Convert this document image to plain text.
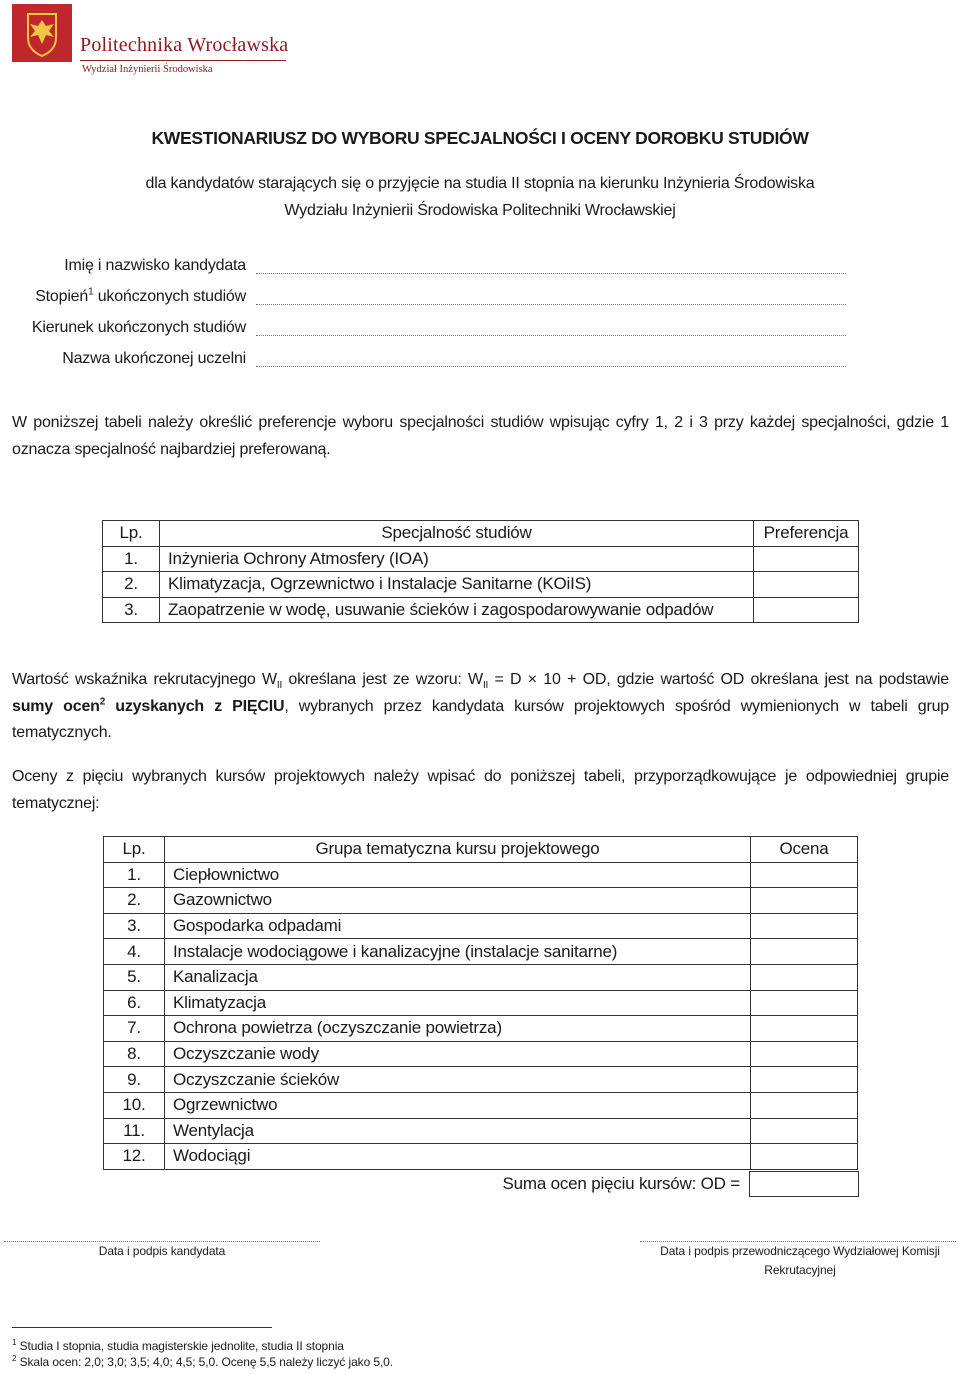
Politechnika Wrocławska
Wydział Inżynierii Środowiska
KWESTIONARIUSZ DO WYBORU SPECJALNOŚCI I OCENY DOROBKU STUDIÓW
dla kandydatów starających się o przyjęcie na studia II stopnia na kierunku Inżynieria Środowiska
Wydziału Inżynierii Środowiska Politechniki Wrocławskiej
Imię i nazwisko kandydata
Stopień$^1$ ukończonych studiów
Kierunek ukończonych studiów
Nazwa ukończonej uczelni
W poniższej tabeli należy określić preferencje wyboru specjalności studiów wpisując cyfry 1, 2 i 3 przy każdej specjalności, gdzie 1 oznacza specjalność najbardziej preferowaną.
Lp.	Specjalność studiów	Preferencja
1.	Inżynieria Ochrony Atmosfery (IOA)	
2.	Klimatyzacja, Ogrzewnictwo i Instalacje Sanitarne (KOiIS)	
3.	Zaopatrzenie w wodę, usuwanie ścieków i zagospodarowywanie odpadów	
Wartość wskaźnika rekrutacyjnego $W_{II}$ określana jest ze wzoru: $W_{II} = D \times 10$ + OD, gdzie wartość OD określana jest na podstawie sumy ocen$^2$ uzyskanych z PIĘCIU, wybranych przez kandydata kursów projektowych spośród wymienionych w tabeli grup tematycznych.
Oceny z pięciu wybranych kursów projektowych należy wpisać do poniższej tabeli, przyporządkowujące je odpowiedniej grupie tematycznej:
Lp.	Grupa tematyczna kursu projektowego	Ocena
1.	Ciepłownictwo	
2.	Gazownictwo	
3.	Gospodarka odpadami	
4.	Instalacje wodociągowe i kanalizacyjne (instalacje sanitarne)	
5.	Kanalizacja	
6.	Klimatyzacja	
7.	Ochrona powietrza (oczyszczanie powietrza)	
8.	Oczyszczanie wody	
9.	Oczyszczanie ścieków	
10.	Ogrzewnictwo	
11.	Wentylacja	
12.	Wodociągi	
Suma ocen pięciu kursów: OD =
Data i podpis kandydata	Data i podpis przewodniczącego Wydziałowej Komisji
Rekrutacyjnej
$^1$ Studia I stopnia, studia magisterskie jednolite, studia II stopnia
$^2$ Skala ocen: 2,0; 3,0; 3,5; 4,0; 4,5; 5,0. Ocenę 5,5 należy liczyć jako 5,0.
